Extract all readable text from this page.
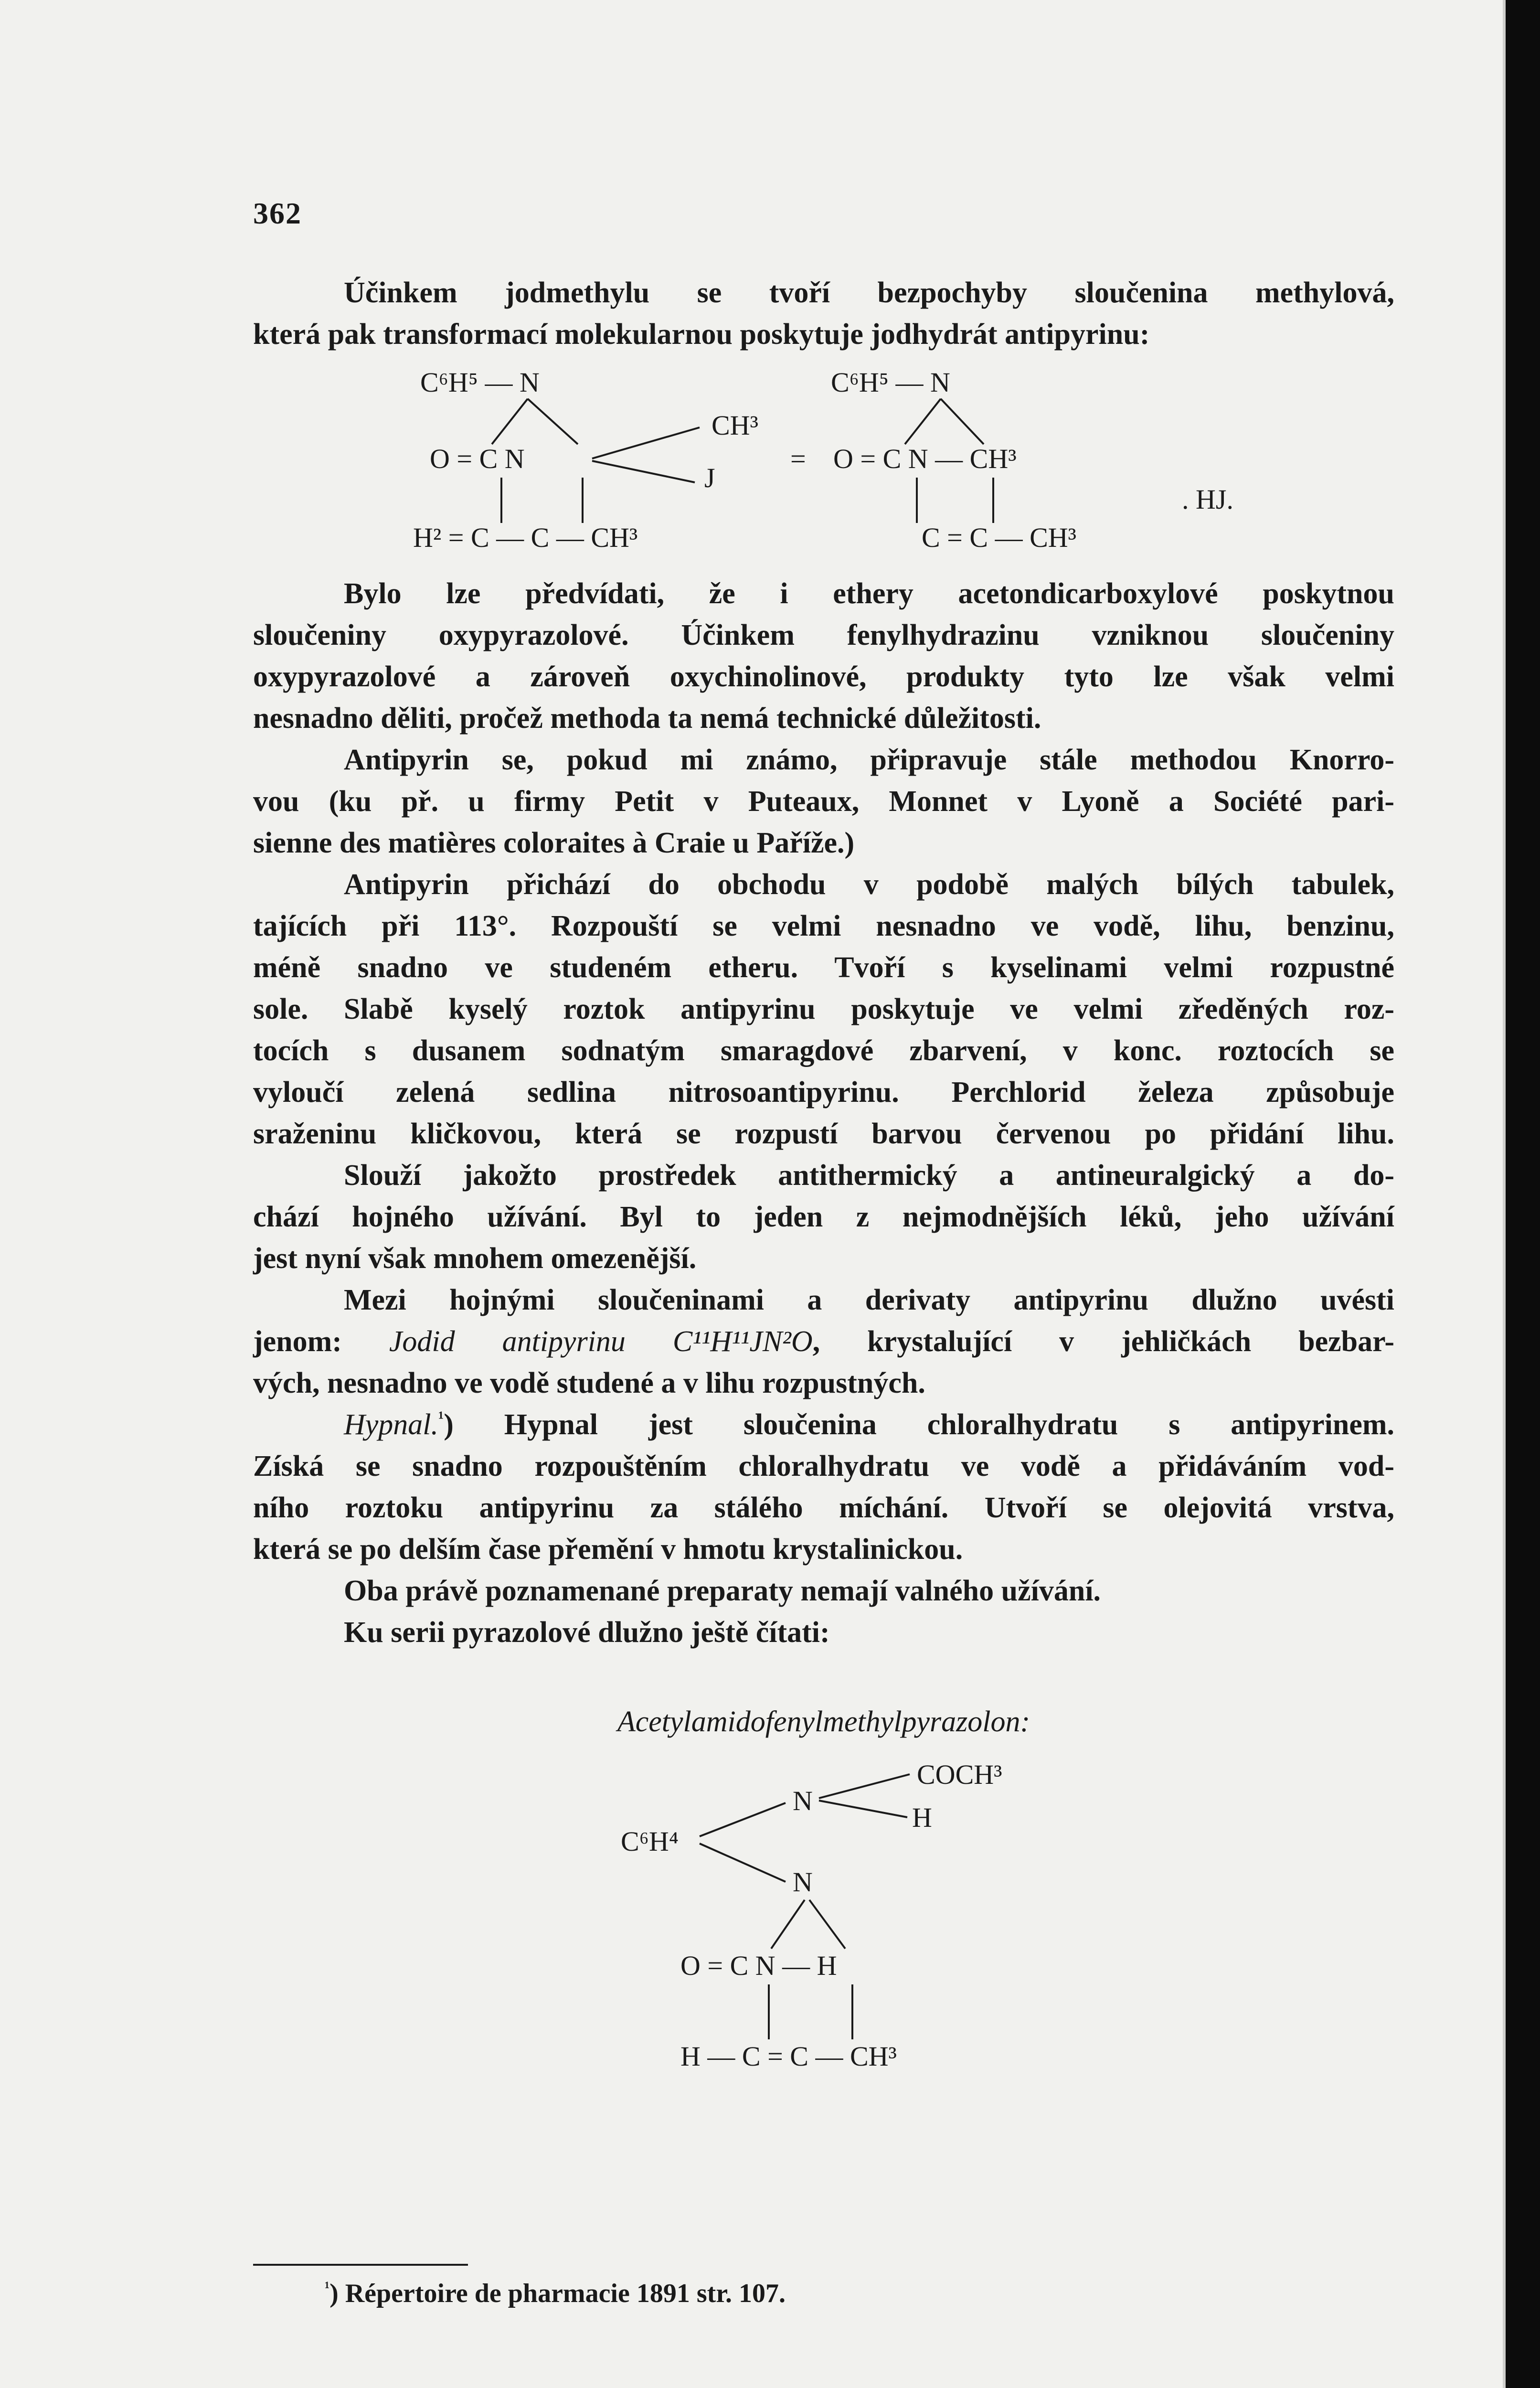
362
Účinkem jodmethylu se tvoří bezpochyby sloučenina methylová,
která pak transformací molekularnou poskytuje jodhydrát antipyrinu:
C⁶H⁵ — N
CH³
O = C N
J
H² = C — C — CH³
=
C⁶H⁵ — N
O = C N — CH³
. HJ.
C = C — CH³
Bylo lze předvídati, že i ethery acetondicarboxylové poskytnou
sloučeniny oxypyrazolové. Účinkem fenylhydrazinu vzniknou sloučeniny
oxypyrazolové a zároveň oxychinolinové, produkty tyto lze však velmi
nesnadno děliti, pročež methoda ta nemá technické důležitosti.
Antipyrin se, pokud mi známo, připravuje stále methodou Knorro-
vou (ku př. u firmy Petit v Puteaux, Monnet v Lyoně a Société pari-
sienne des matières coloraites à Craie u Paříže.)
Antipyrin přichází do obchodu v podobě malých bílých tabulek,
tajících při 113°. Rozpouští se velmi nesnadno ve vodě, lihu, benzinu,
méně snadno ve studeném etheru. Tvoří s kyselinami velmi rozpustné
sole. Slabě kyselý roztok antipyrinu poskytuje ve velmi zředěných roz-
tocích s dusanem sodnatým smaragdové zbarvení, v konc. roztocích se
vyloučí zelená sedlina nitrosoantipyrinu. Perchlorid železa způsobuje
sraženinu kličkovou, která se rozpustí barvou červenou po přidání lihu.
Slouží jakožto prostředek antithermický a antineuralgický a do-
chází hojného užívání. Byl to jeden z nejmodnějších léků, jeho užívání
jest nyní však mnohem omezenější.
Mezi hojnými sloučeninami a derivaty antipyrinu dlužno uvésti
jenom: Jodid antipyrinu C¹¹H¹¹JN²O, krystalující v jehličkách bezbar-
vých, nesnadno ve vodě studené a v lihu rozpustných.
Hypnal.$^{^1}$) Hypnal jest sloučenina chloralhydratu s antipyrinem.
Získá se snadno rozpouštěním chloralhydratu ve vodě a přidáváním vod-
ního roztoku antipyrinu za stálého míchání. Utvoří se olejovitá vrstva,
která se po delším čase přemění v hmotu krystalinickou.
Oba právě poznamenané preparaty nemají valného užívání.
Ku serii pyrazolové dlužno ještě čítati:
Acetylamidofenylmethylpyrazolon:
COCH³
N
H
C⁶H⁴
N
O = C N — H
H — C = C — CH³
$^{^1}$) Répertoire de pharmacie 1891 str. 107.
